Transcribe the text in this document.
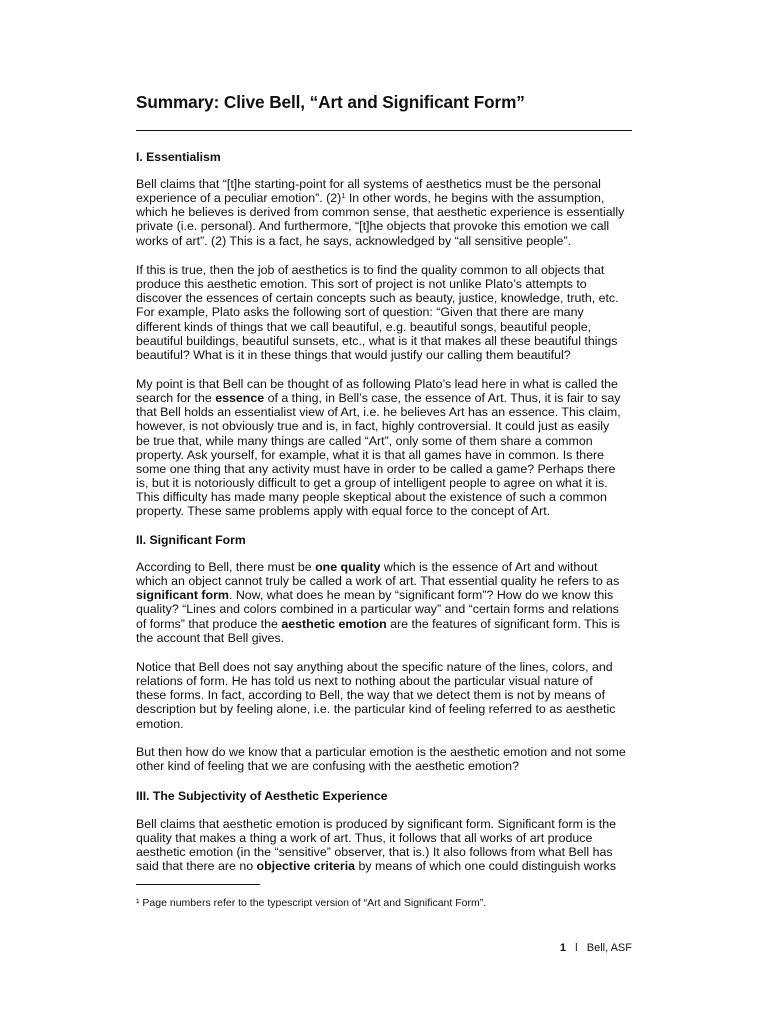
Summary: Clive Bell, “Art and Significant Form”
I. Essentialism

Bell claims that “[t]he starting-point for all systems of aesthetics must be the personal
experience of a peculiar emotion”. $(2)^1$ In other words, he begins with the assumption,
which he believes is derived from common sense, that aesthetic experience is essentially
private (i.e. personal). And furthermore, “[t]he objects that provoke this emotion we call
works of art”. (2) This is a fact, he says, acknowledged by “all sensitive people”.

If this is true, then the job of aesthetics is to find the quality common to all objects that
produce this aesthetic emotion. This sort of project is not unlike Plato’s attempts to
discover the essences of certain concepts such as beauty, justice, knowledge, truth, etc.
For example, Plato asks the following sort of question: “Given that there are many
different kinds of things that we call beautiful, e.g. beautiful songs, beautiful people,
beautiful buildings, beautiful sunsets, etc., what is it that makes all these beautiful things
beautiful? What is it in these things that would justify our calling them beautiful?

My point is that Bell can be thought of as following Plato’s lead here in what is called the
search for the essence of a thing, in Bell’s case, the essence of Art. Thus, it is fair to say
that Bell holds an essentialist view of Art, i.e. he believes Art has an essence. This claim,
however, is not obviously true and is, in fact, highly controversial. It could just as easily
be true that, while many things are called “Art”, only some of them share a common
property. Ask yourself, for example, what it is that all games have in common. Is there
some one thing that any activity must have in order to be called a game? Perhaps there
is, but it is notoriously difficult to get a group of intelligent people to agree on what it is.
This difficulty has made many people skeptical about the existence of such a common
property. These same problems apply with equal force to the concept of Art.

II. Significant Form

According to Bell, there must be one quality which is the essence of Art and without
which an object cannot truly be called a work of art. That essential quality he refers to as
significant form. Now, what does he mean by “significant form”? How do we know this
quality? “Lines and colors combined in a particular way” and “certain forms and relations
of forms” that produce the aesthetic emotion are the features of significant form. This is
the account that Bell gives.

Notice that Bell does not say anything about the specific nature of the lines, colors, and
relations of form. He has told us next to nothing about the particular visual nature of
these forms. In fact, according to Bell, the way that we detect them is not by means of
description but by feeling alone, i.e. the particular kind of feeling referred to as aesthetic
emotion.

But then how do we know that a particular emotion is the aesthetic emotion and not some
other kind of feeling that we are confusing with the aesthetic emotion?

III. The Subjectivity of Aesthetic Experience

Bell claims that aesthetic emotion is produced by significant form. Significant form is the
quality that makes a thing a work of art. Thus, it follows that all works of art produce
aesthetic emotion (in the “sensitive” observer, that is.) It also follows from what Bell has
said that there are no objective criteria by means of which one could distinguish works

¹ Page numbers refer to the typescript version of “Art and Significant Form”.
1 l Bell, ASF
